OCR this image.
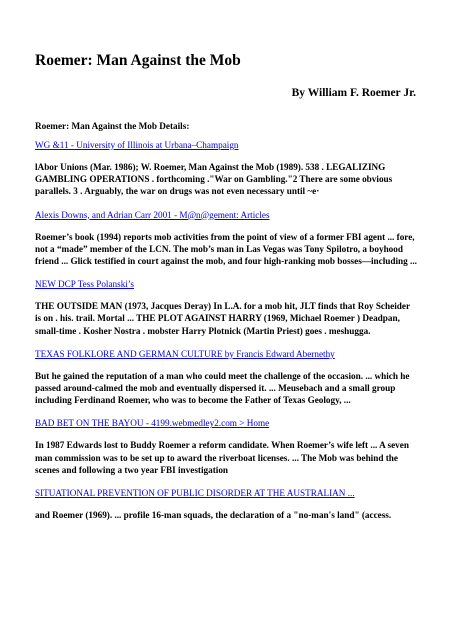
Roemer: Man Against the Mob

By William F. Roemer Jr.

Roemer: Man Against the Mob Details:

WG &11 - University of Illinois at Urbana–Champaign

lAbor Unions (Mar. 1986); W. Roemer, Man Against the Mob (1989). 538 . LEGALIZING GAMBLING OPERATIONS . forthcoming ."War on Gambling."2 There are some obvious parallels. 3 . Arguably, the war on drugs was not even necessary until ~e·

Alexis Downs, and Adrian Carr 2001 - M@n@gement: Articles

Roemer’s book (1994) reports mob activities from the point of view of a former FBI agent ... fore, not a “made” member of the LCN. The mob’s man in Las Vegas was Tony Spilotro, a boyhood friend ... Glick testified in court against the mob, and four high-ranking mob bosses—including ...

NEW DCP Tess Polanski’s

THE OUTSIDE MAN (1973, Jacques Deray) In L.A. for a mob hit, JLT finds that Roy Scheider is on . his. trail. Mortal ... THE PLOT AGAINST HARRY (1969, Michael Roemer ) Deadpan, small-time . Kosher Nostra . mobster Harry Plotnick (Martin Priest) goes . meshugga.

TEXAS FOLKLORE AND GERMAN CULTURE by Francis Edward Abernethy

But he gained the reputation of a man who could meet the challenge of the occasion. ... which he passed around-calmed the mob and eventually dispersed it. ... Meusebach and a small group including Ferdinand Roemer, who was to become the Father of Texas Geology, ...

BAD BET ON THE BAYOU - 4199.webmedley2.com > Home

In 1987 Edwards lost to Buddy Roemer a reform candidate. When Roemer’s wife left ... A seven man commission was to be set up to award the riverboat licenses. ... The Mob was behind the scenes and following a two year FBI investigation

SITUATIONAL PREVENTION OF PUBLIC DISORDER AT THE AUSTRALIAN ...

and Roemer (1969). ... profile 16-man squads, the declaration of a "no-man's land" (access.
